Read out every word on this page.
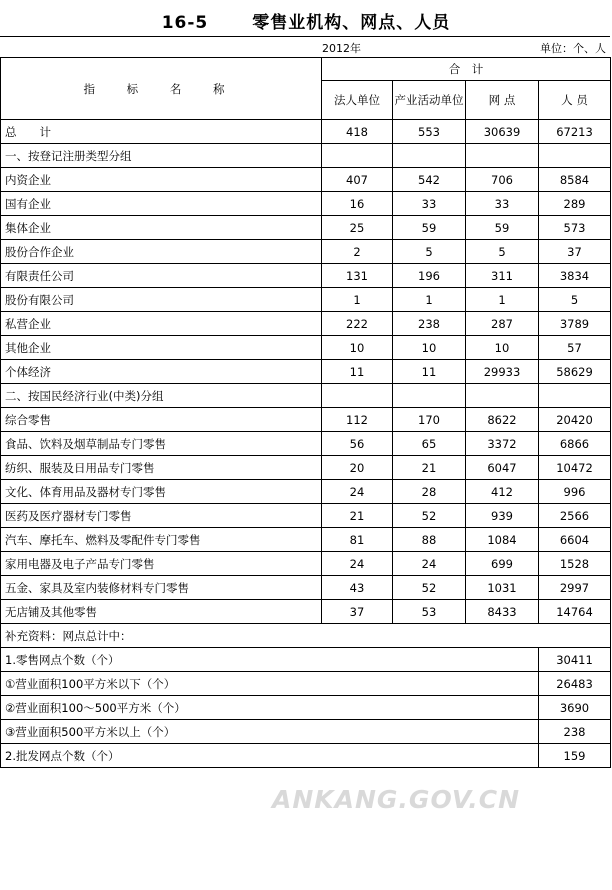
16-5	零售业机构、网点、人员
2012年	单位：个、人
指 标 名 称	合　计			
	法人单位	产业活动单位	网 点	人 员
总　　计	418	553	30639	67213
一、按登记注册类型分组				
内资企业	407	542	706	8584
国有企业	16	33	33	289
集体企业	25	59	59	573
股份合作企业	2	5	5	37
有限责任公司	131	196	311	3834
股份有限公司	1	1	1	5
私营企业	222	238	287	3789
其他企业	10	10	10	57
个体经济	11	11	29933	58629
二、按国民经济行业(中类)分组				
综合零售	112	170	8622	20420
食品、饮料及烟草制品专门零售	56	65	3372	6866
纺织、服装及日用品专门零售	20	21	6047	10472
文化、体育用品及器材专门零售	24	28	412	996
医药及医疗器材专门零售	21	52	939	2566
汽车、摩托车、燃料及零配件专门零售	81	88	1084	6604
家用电器及电子产品专门零售	24	24	699	1528
五金、家具及室内装修材料专门零售	43	52	1031	2997
无店铺及其他零售	37	53	8433	14764
补充资料：网点总计中：				
1.零售网点个数（个）				30411
①营业面积100平方米以下（个）				26483
②营业面积100～500平方米（个）				3690
③营业面积500平方米以上（个）				238
2.批发网点个数（个）				159
ANKANG.GOV.CN
